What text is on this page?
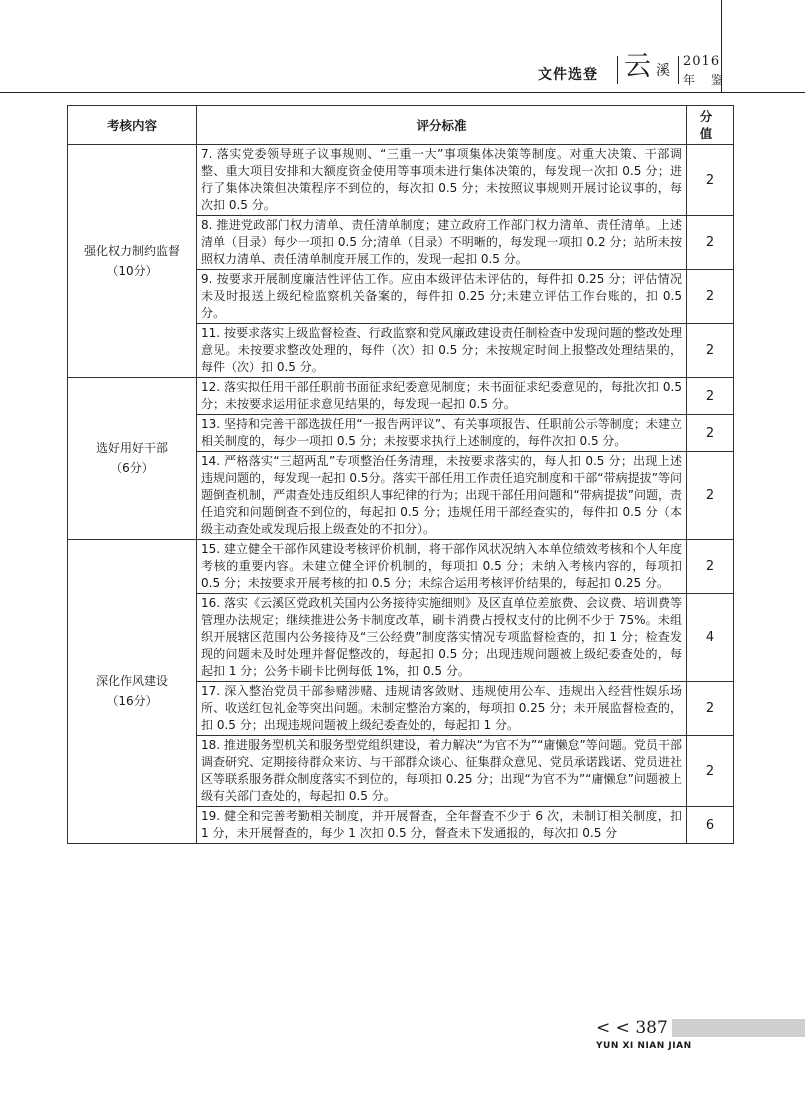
文件选登 云 溪
2016
年 鉴
考核内容	评分标准	分 值

强化权力制约监督
（10分）	7. 落实党委领导班子议事规则、“三重一大”事项集体决策等制度。对重大决策、干部调整、重大项目安排和大额度资金使用等事项未进行集体决策的，每发现一次扣 0.5 分；进行了集体决策但决策程序不到位的，每次扣 0.5 分；未按照议事规则开展讨论议事的，每次扣 0.5 分。	2
	8. 推进党政部门权力清单、责任清单制度；建立政府工作部门权力清单、责任清单。上述清单（目录）每少一项扣 0.5 分;清单（目录）不明晰的，每发现一项扣 0.2 分；站所未按照权力清单、责任清单制度开展工作的，发现一起扣 0.5 分。	2
	9. 按要求开展制度廉洁性评估工作。应由本级评估未评估的，每件扣 0.25 分；评估情况未及时报送上级纪检监察机关备案的，每件扣 0.25 分;未建立评估工作台账的，扣 0.5 分。	2
	11. 按要求落实上级监督检查、行政监察和党风廉政建设责任制检查中发现问题的整改处理意见。未按要求整改处理的，每件（次）扣 0.5 分；未按规定时间上报整改处理结果的，每件（次）扣 0.5 分。	2

选好用好干部
（6分）	12. 落实拟任用干部任职前书面征求纪委意见制度；未书面征求纪委意见的，每批次扣 0.5 分；未按要求运用征求意见结果的，每发现一起扣 0.5 分。	2
	13. 坚持和完善干部选拔任用“一报告两评议”、有关事项报告、任职前公示等制度；未建立相关制度的，每少一项扣 0.5 分；未按要求执行上述制度的，每件次扣 0.5 分。	2
	14. 严格落实“三超两乱”专项整治任务清理，未按要求落实的，每人扣 0.5 分；出现上述违规问题的，每发现一起扣 0.5分。落实干部任用工作责任追究制度和干部“带病提拔”等问题倒查机制，严肃查处违反组织人事纪律的行为；出现干部任用问题和“带病提拔”问题，责任追究和问题倒查不到位的，每起扣 0.5 分；违规任用干部经查实的，每件扣 0.5 分（本级主动查处或发现后报上级查处的不扣分）。	2

深化作风建设
（16分）	15. 建立健全干部作风建设考核评价机制，将干部作风状况纳入本单位绩效考核和个人年度考核的重要内容。未建立健全评价机制的，每项扣 0.5 分；未纳入考核内容的，每项扣 0.5 分；未按要求开展考核的扣 0.5 分；未综合运用考核评价结果的，每起扣 0.25 分。	2
	16. 落实《云溪区党政机关国内公务接待实施细则》及区直单位差旅费、会议费、培训费等管理办法规定；继续推进公务卡制度改革，刷卡消费占授权支付的比例不少于 75%。未组织开展辖区范围内公务接待及“三公经费”制度落实情况专项监督检查的，扣 1 分；检查发现的问题未及时处理并督促整改的，每起扣 0.5 分；出现违规问题被上级纪委查处的，每起扣 1 分；公务卡刷卡比例每低 1%，扣 0.5 分。	4
	17. 深入整治党员干部参赌涉赌、违规请客敛财、违规使用公车、违规出入经营性娱乐场所、收送红包礼金等突出问题。未制定整治方案的，每项扣 0.25 分；未开展监督检查的，扣 0.5 分；出现违规问题被上级纪委查处的，每起扣 1 分。	2
	18. 推进服务型机关和服务型党组织建设，着力解决“为官不为”“庸懒怠”等问题。党员干部调查研究、定期接待群众来访、与干部群众谈心、征集群众意见、党员承诺践诺、党员进社区等联系服务群众制度落实不到位的，每项扣 0.25 分；出现“为官不为”“庸懒怠”问题被上级有关部门查处的，每起扣 0.5 分。	2
	19. 健全和完善考勤相关制度，并开展督查，全年督查不少于 6 次，未制订相关制度，扣 1 分，未开展督查的，每少 1 次扣 0.5 分，督查未下发通报的，每次扣 0.5 分	6
< < 387
YUN XI NIAN JIAN
